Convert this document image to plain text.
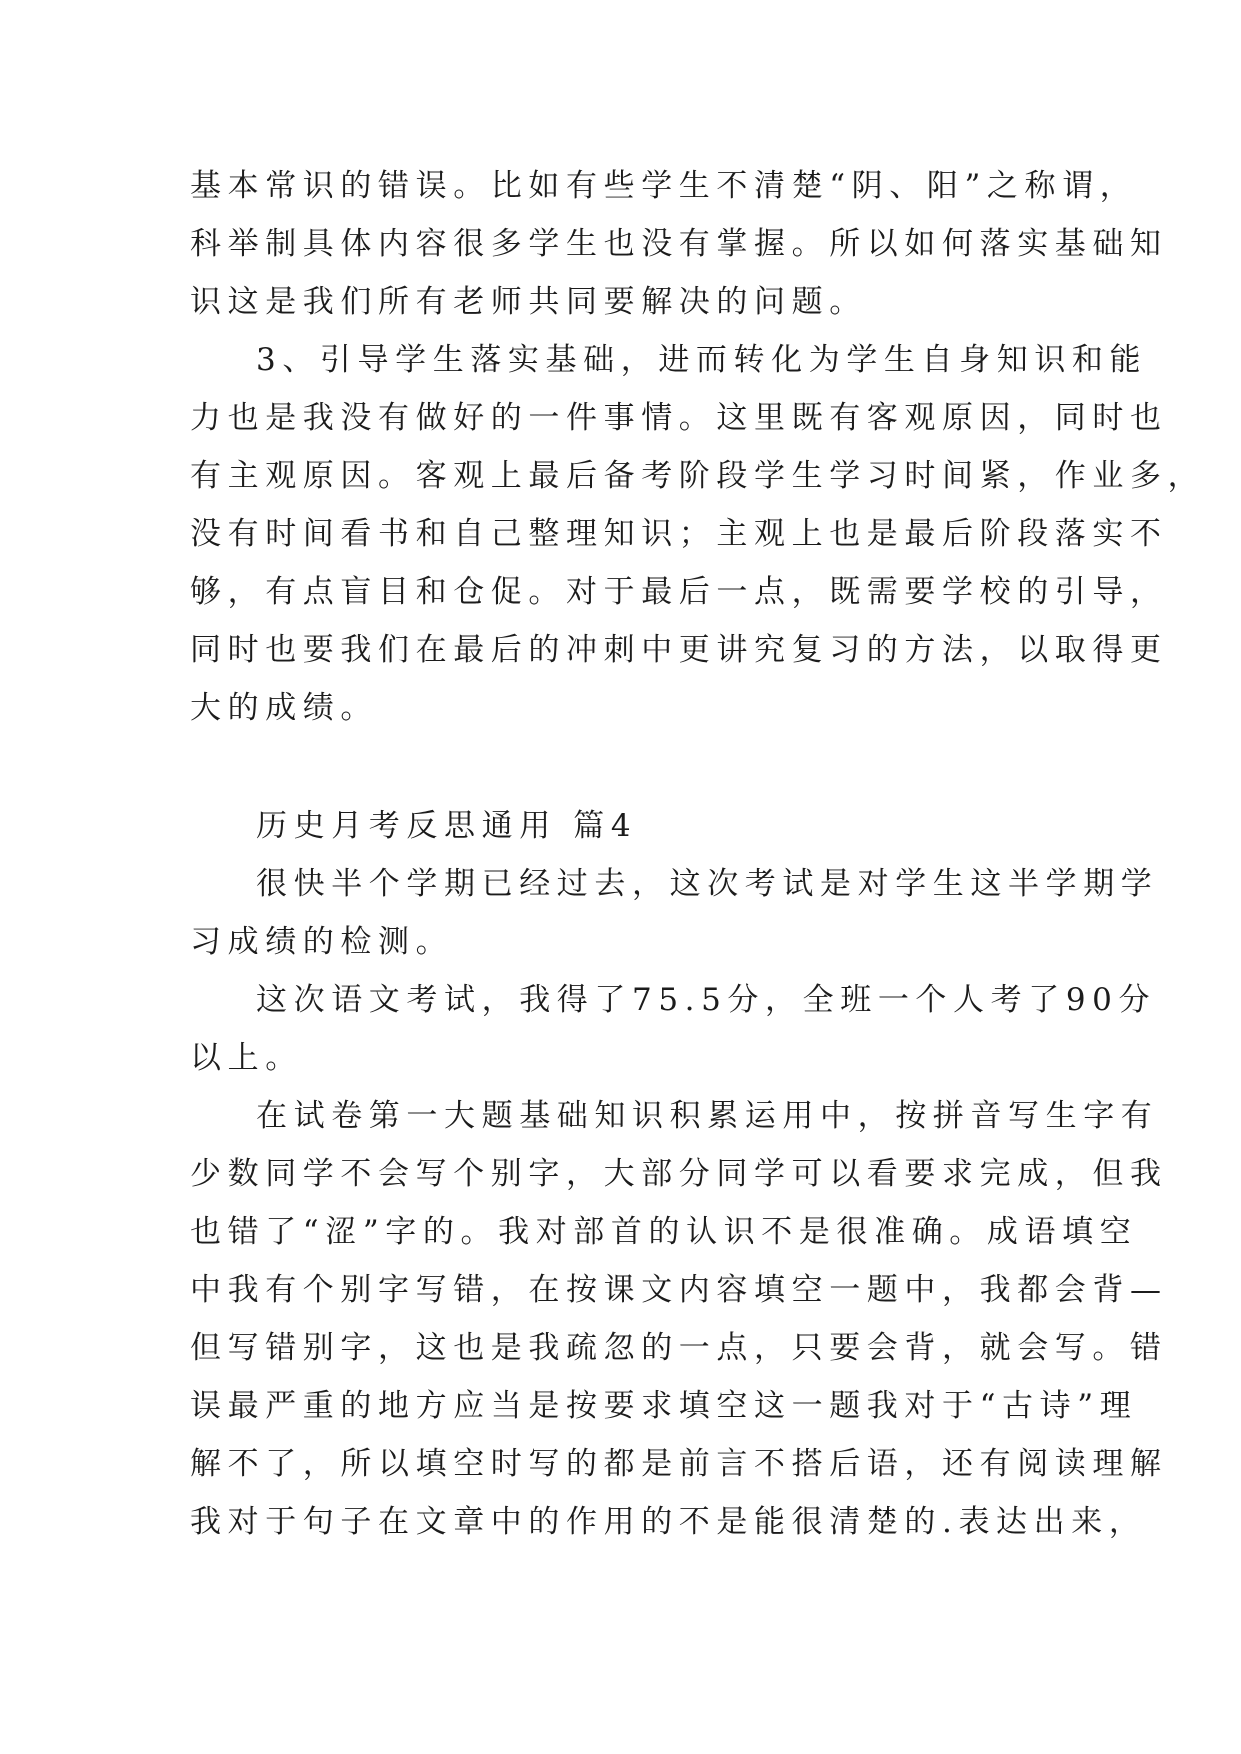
基本常识的错误。比如有些学生不清楚“阴、阳”之称谓，
科举制具体内容很多学生也没有掌握。所以如何落实基础知
识这是我们所有老师共同要解决的问题。
3、引导学生落实基础，进而转化为学生自身知识和能
力也是我没有做好的一件事情。这里既有客观原因，同时也
有主观原因。客观上最后备考阶段学生学习时间紧，作业多，
没有时间看书和自己整理知识；主观上也是最后阶段落实不
够，有点盲目和仓促。对于最后一点，既需要学校的引导，
同时也要我们在最后的冲刺中更讲究复习的方法，以取得更
大的成绩。
历史月考反思通用 篇4
很快半个学期已经过去，这次考试是对学生这半学期学
习成绩的检测。
这次语文考试，我得了75.5分，全班一个人考了90分
以上。
在试卷第一大题基础知识积累运用中，按拼音写生字有
少数同学不会写个别字，大部分同学可以看要求完成，但我
也错了“涩”字的。我对部首的认识不是很准确。成语填空
中我有个别字写错，在按课文内容填空一题中，我都会背—
但写错别字，这也是我疏忽的一点，只要会背，就会写。错
误最严重的地方应当是按要求填空这一题我对于“古诗”理
解不了，所以填空时写的都是前言不搭后语，还有阅读理解
我对于句子在文章中的作用的不是能很清楚的.表达出来，
